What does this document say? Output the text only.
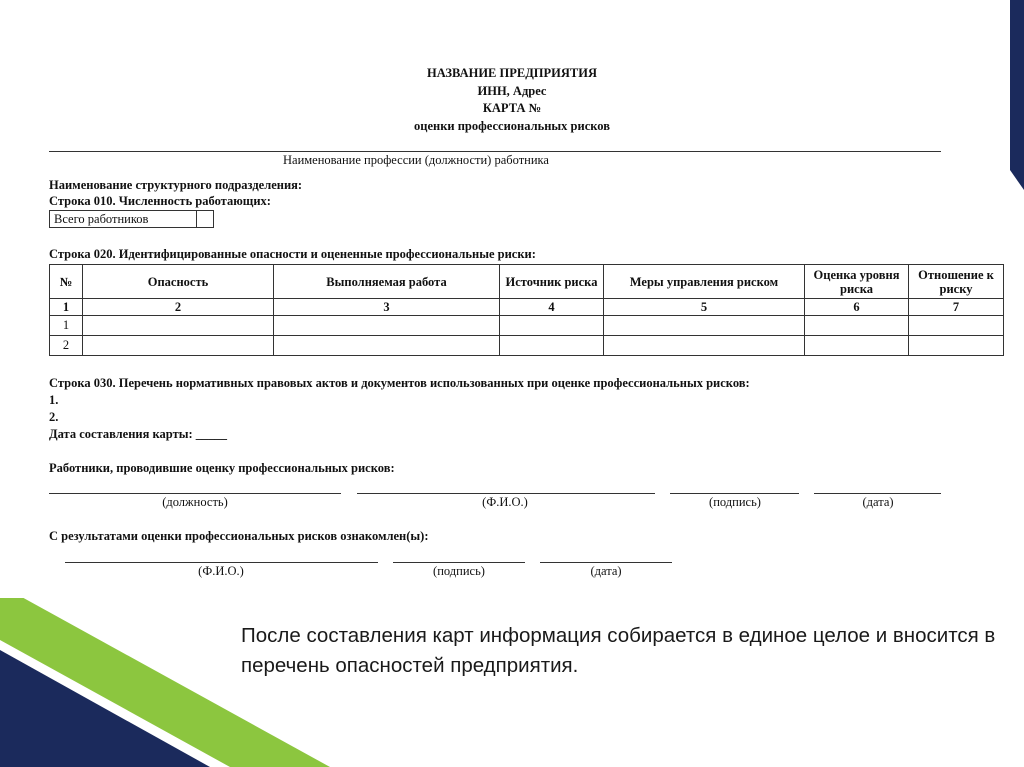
НАЗВАНИЕ ПРЕДПРИЯТИЯ
ИНН, Адрес
КАРТА №
оценки профессиональных рисков
Наименование профессии (должности) работника
Наименование структурного подразделения:
Строка 010. Численность работающих:
Всего работников	
Строка 020. Идентифицированные опасности и оцененные профессиональные риски:
№	Опасность	Выполняемая работа	Источник риска	Меры управления риском	Оценка уровня риска	Отношение к риску
1	2	3	4	5	6	7
1						
2						
Строка 030. Перечень нормативных правовых актов и документов использованных при оценке профессиональных рисков:
1.
2.
Дата составления карты: _____
Работники, проводившие оценку профессиональных рисков:
(должность)	(Ф.И.О.)	(подпись)	(дата)
С результатами оценки профессиональных рисков ознакомлен(ы):
(Ф.И.О.)	(подпись)	(дата)
После составления карт информация собирается в единое целое и вносится в перечень опасностей предприятия.
